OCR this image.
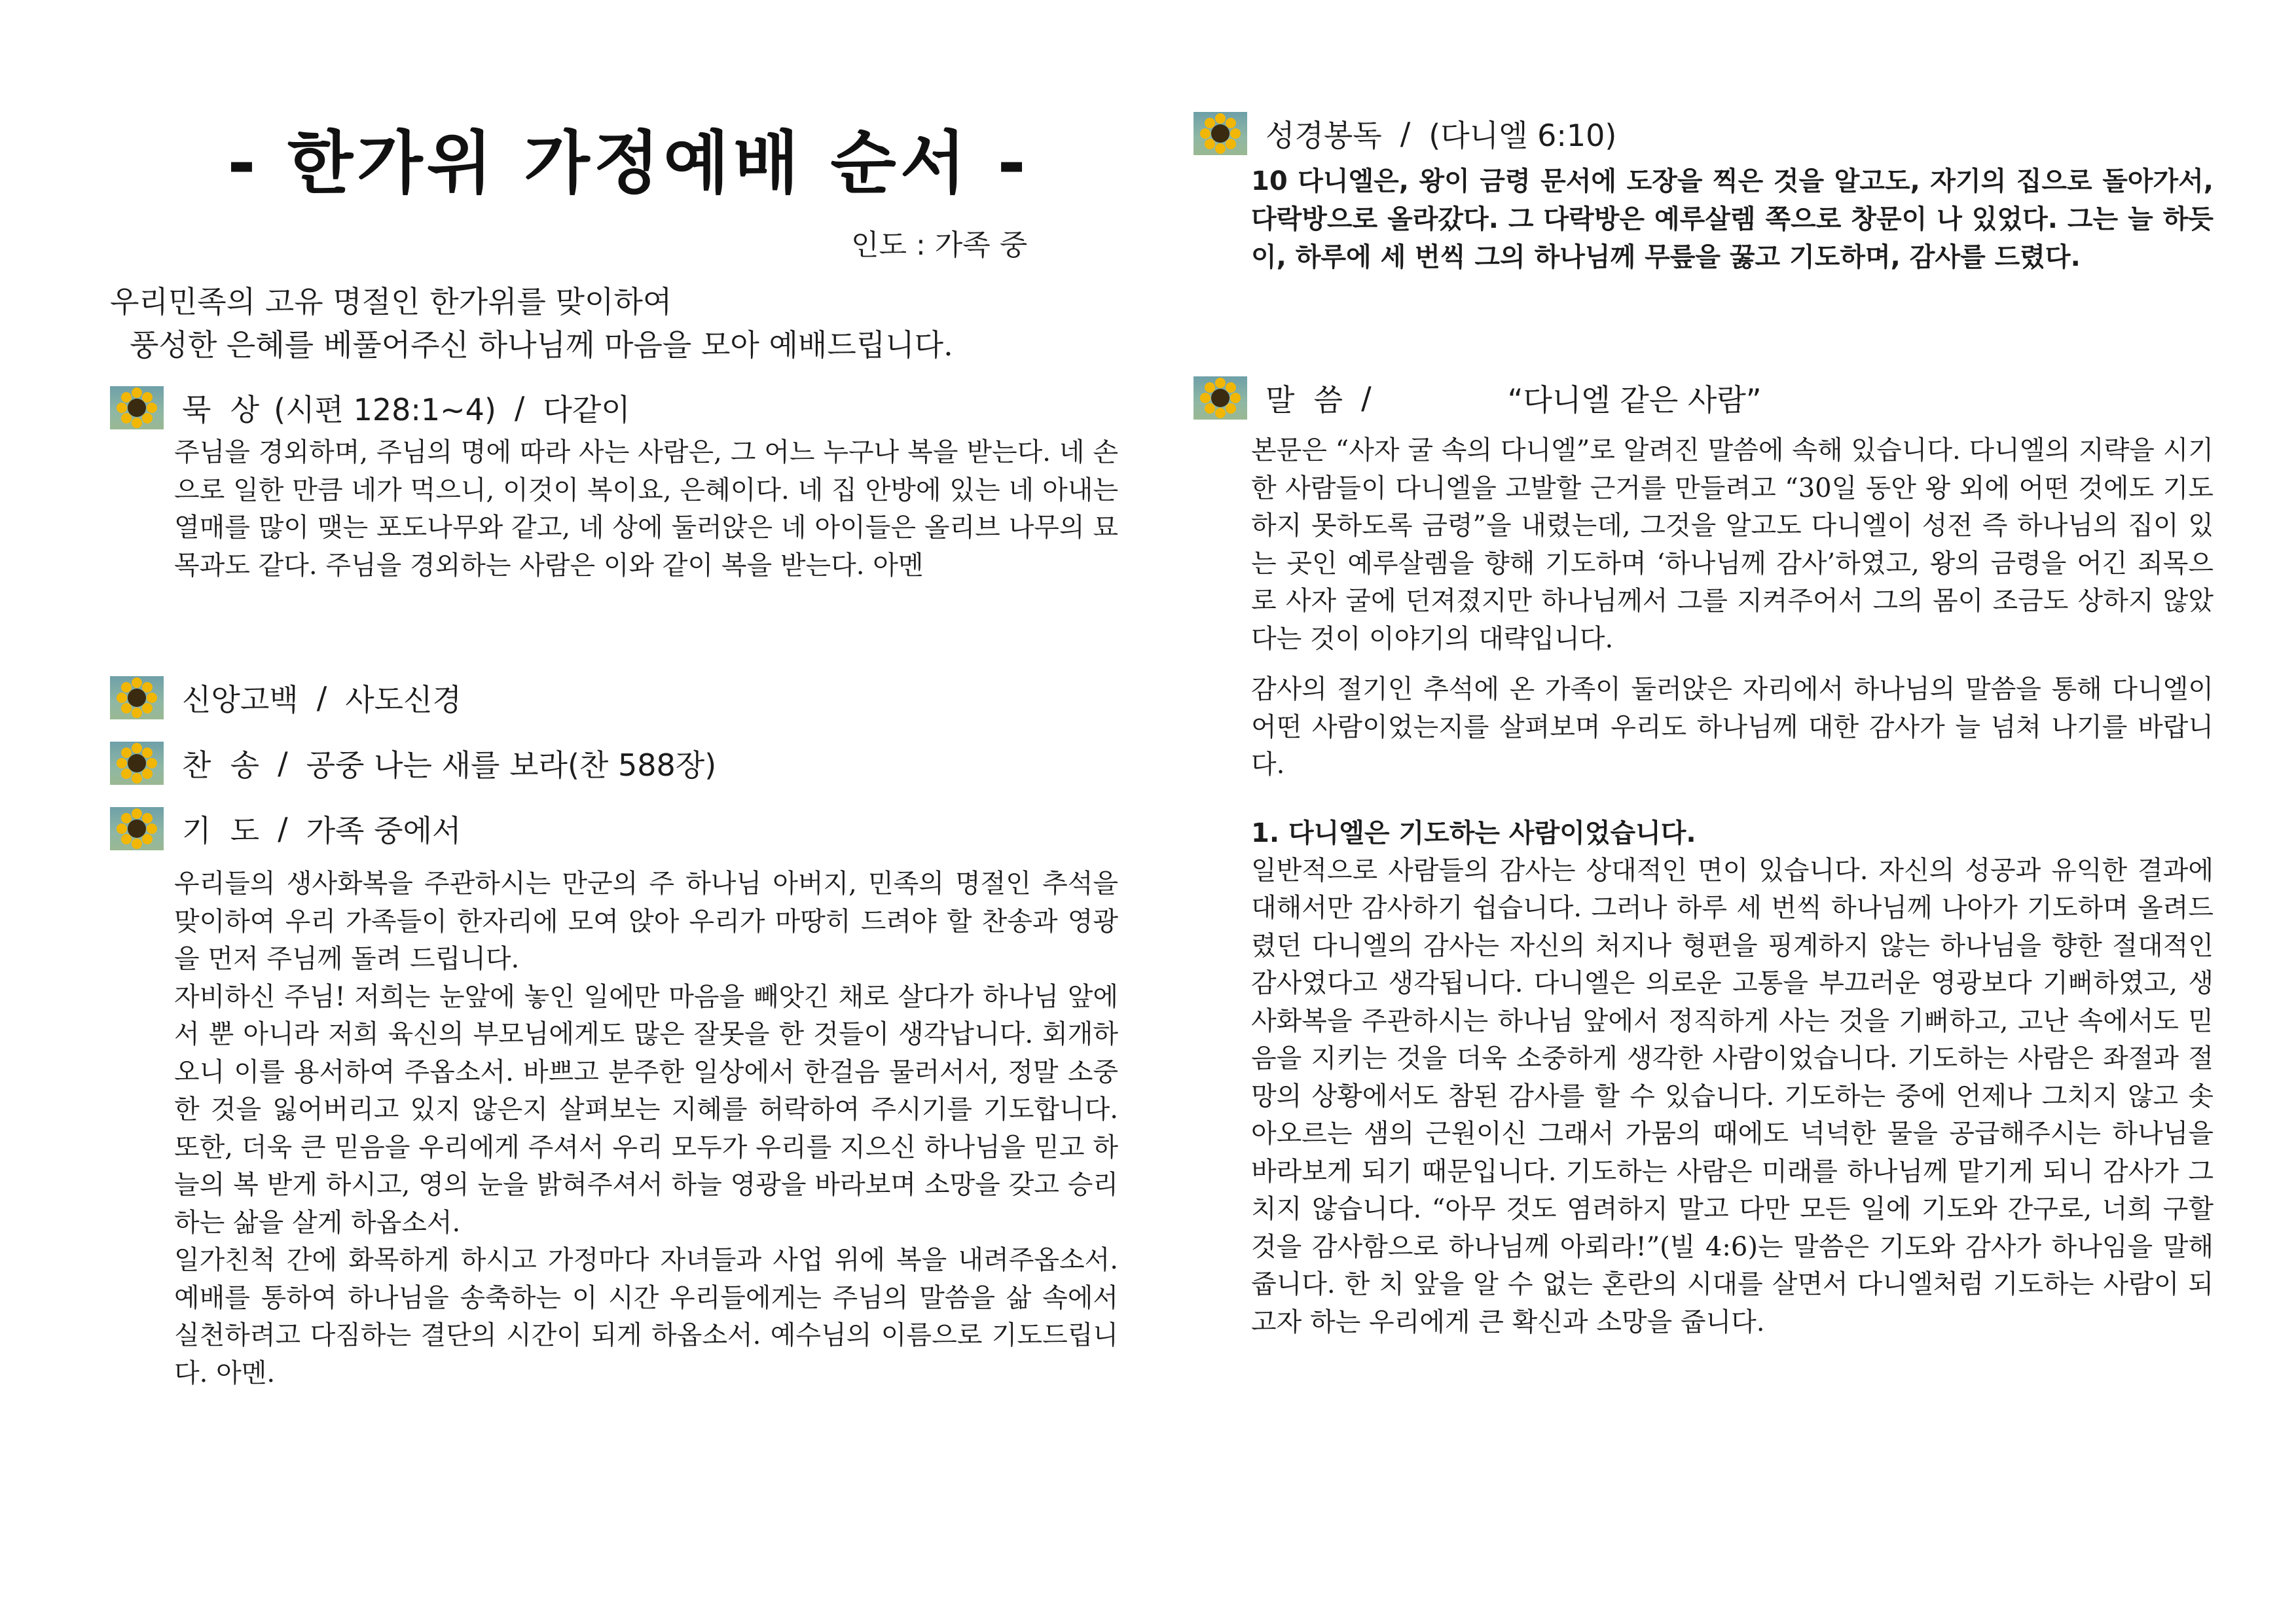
- 한가위 가정예배 순서 -
인도 : 가족 중

우리민족의 고유 명절인 한가위를 맞이하여

풍성한 은혜를 베풀어주신 하나님께 마음을 모아 예배드립니다.

묵  상 (시편 128:1~4) / 다같이

주님을 경외하며, 주님의 명에 따라 사는 사람은, 그 어느 누구나 복을 받는다. 네 손으로 일한 만큼 네가 먹으니, 이것이 복이요, 은혜이다. 네 집 안방에 있는 네 아내는 열매를 많이 맺는 포도나무와 같고, 네 상에 둘러앉은 네 아이들은 올리브 나무의 묘목과도 같다. 주님을 경외하는 사람은 이와 같이 복을 받는다. 아멘

신앙고백 / 사도신경
찬  송 / 공중 나는 새를 보라(찬 588장)
기  도 / 가족 중에서

우리들의 생사화복을 주관하시는 만군의 주 하나님 아버지, 민족의 명절인 추석을 맞이하여 우리 가족들이 한자리에 모여 앉아 우리가 마땅히 드려야 할 찬송과 영광을 먼저 주님께 돌려 드립니다.

자비하신 주님! 저희는 눈앞에 놓인 일에만 마음을 빼앗긴 채로 살다가 하나님 앞에서 뿐 아니라 저희 육신의 부모님에게도 많은 잘못을 한 것들이 생각납니다. 회개하오니 이를 용서하여 주옵소서. 바쁘고 분주한 일상에서 한걸음 물러서서, 정말 소중한 것을 잃어버리고 있지 않은지 살펴보는 지혜를 허락하여 주시기를 기도합니다. 또한, 더욱 큰 믿음을 우리에게 주셔서 우리 모두가 우리를 지으신 하나님을 믿고 하늘의 복 받게 하시고, 영의 눈을 밝혀주셔서 하늘 영광을 바라보며 소망을 갖고 승리하는 삶을 살게 하옵소서.

일가친척 간에 화목하게 하시고 가정마다 자녀들과 사업 위에 복을 내려주옵소서. 예배를 통하여 하나님을 송축하는 이 시간 우리들에게는 주님의 말씀을 삶 속에서 실천하려고 다짐하는 결단의 시간이 되게 하옵소서. 예수님의 이름으로 기도드립니다. 아멘.

성경봉독 / (다니엘 6:10)

10 다니엘은, 왕이 금령 문서에 도장을 찍은 것을 알고도, 자기의 집으로 돌아가서, 다락방으로 올라갔다. 그 다락방은 예루살렘 쪽으로 창문이 나 있었다. 그는 늘 하듯이, 하루에 세 번씩 그의 하나님께 무릎을 꿇고 기도하며, 감사를 드렸다.

말  씀 /	“다니엘 같은 사람”

본문은 “사자 굴 속의 다니엘”로 알려진 말씀에 속해 있습니다. 다니엘의 지략을 시기한 사람들이 다니엘을 고발할 근거를 만들려고 “30일 동안 왕 외에 어떤 것에도 기도하지 못하도록 금령”을 내렸는데, 그것을 알고도 다니엘이 성전 즉 하나님의 집이 있는 곳인 예루살렘을 향해 기도하며 ‘하나님께 감사’하였고, 왕의 금령을 어긴 죄목으로 사자 굴에 던져졌지만 하나님께서 그를 지켜주어서 그의 몸이 조금도 상하지 않았다는 것이 이야기의 대략입니다.

감사의 절기인 추석에 온 가족이 둘러앉은 자리에서 하나님의 말씀을 통해 다니엘이 어떤 사람이었는지를 살펴보며 우리도 하나님께 대한 감사가 늘 넘쳐 나기를 바랍니다.

1. 다니엘은 기도하는 사람이었습니다.

일반적으로 사람들의 감사는 상대적인 면이 있습니다. 자신의 성공과 유익한 결과에 대해서만 감사하기 쉽습니다. 그러나 하루 세 번씩 하나님께 나아가 기도하며 올려드렸던 다니엘의 감사는 자신의 처지나 형편을 핑계하지 않는 하나님을 향한 절대적인 감사였다고 생각됩니다. 다니엘은 의로운 고통을 부끄러운 영광보다 기뻐하였고, 생사화복을 주관하시는 하나님 앞에서 정직하게 사는 것을 기뻐하고, 고난 속에서도 믿음을 지키는 것을 더욱 소중하게 생각한 사람이었습니다. 기도하는 사람은 좌절과 절망의 상황에서도 참된 감사를 할 수 있습니다. 기도하는 중에 언제나 그치지 않고 솟아오르는 샘의 근원이신 그래서 가뭄의 때에도 넉넉한 물을 공급해주시는 하나님을 바라보게 되기 때문입니다. 기도하는 사람은 미래를 하나님께 맡기게 되니 감사가 그치지 않습니다. “아무 것도 염려하지 말고 다만 모든 일에 기도와 간구로, 너희 구할 것을 감사함으로 하나님께 아뢰라!”(빌 4:6)는 말씀은 기도와 감사가 하나임을 말해줍니다. 한 치 앞을 알 수 없는 혼란의 시대를 살면서 다니엘처럼 기도하는 사람이 되고자 하는 우리에게 큰 확신과 소망을 줍니다.
